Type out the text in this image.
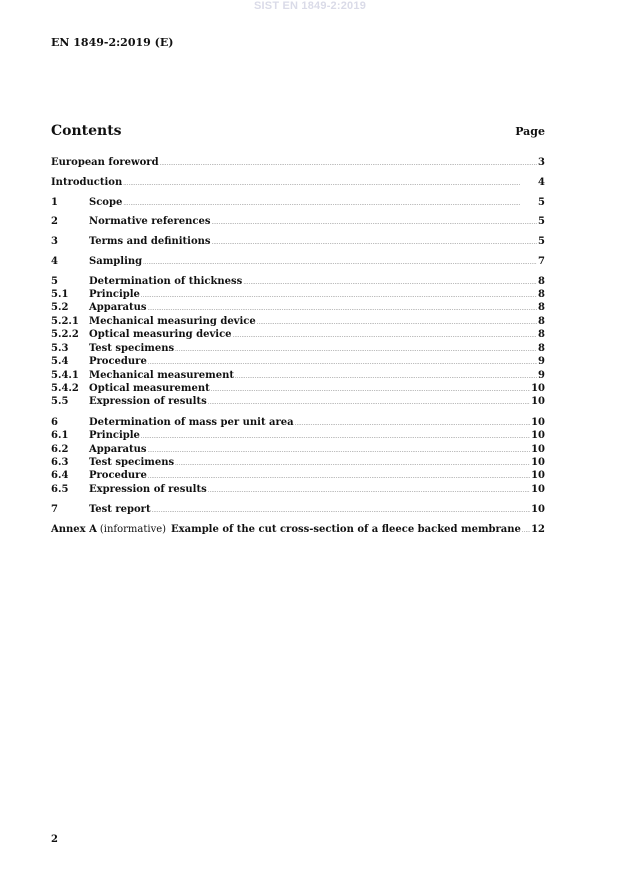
SIST EN 1849-2:2019
EN 1849-2:2019 (E)
Contents	Page
European foreword .....	3
Introduction .....	4
1	Scope .....	5
2	Normative references .....	5
3	Terms and definitions .....	5
4	Sampling .....	7
5	Determination of thickness .....	8
5.1	Principle .....	8
5.2	Apparatus .....	8
5.2.1	Mechanical measuring device .....	8
5.2.2	Optical measuring device .....	8
5.3	Test specimens .....	8
5.4	Procedure .....	9
5.4.1	Mechanical measurement .....	9
5.4.2	Optical measurement .....	10
5.5	Expression of results .....	10
6	Determination of mass per unit area .....	10
6.1	Principle .....	10
6.2	Apparatus .....	10
6.3	Test specimens .....	10
6.4	Procedure .....	10
6.5	Expression of results .....	10
7	Test report .....	10
Annex A (informative) Example of the cut cross-section of a fleece backed membrane ..... 12
2
